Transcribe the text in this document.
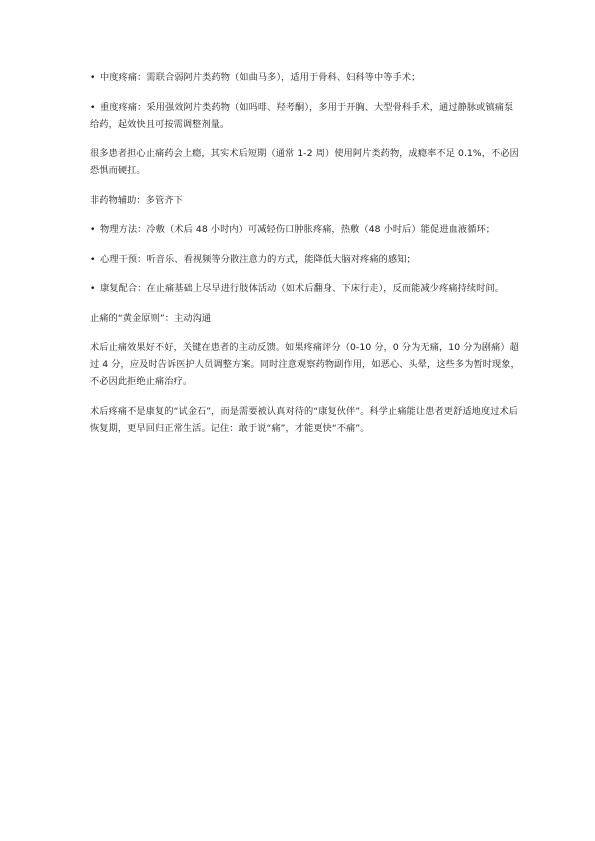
• 中度疼痛：需联合弱阿片类药物（如曲马多），适用于骨科、妇科等中等手术；

• 重度疼痛：采用强效阿片类药物（如吗啡、羟考酮），多用于开胸、大型骨科手术，通过静脉或镇痛泵给药，起效快且可按需调整剂量。

很多患者担心止痛药会上瘾，其实术后短期（通常 1-2 周）使用阿片类药物，成瘾率不足 0.1%，不必因恐惧而硬扛。

非药物辅助：多管齐下

• 物理方法：冷敷（术后 48 小时内）可减轻伤口肿胀疼痛，热敷（48 小时后）能促进血液循环；

• 心理干预：听音乐、看视频等分散注意力的方式，能降低大脑对疼痛的感知；

• 康复配合：在止痛基础上尽早进行肢体活动（如术后翻身、下床行走），反而能减少疼痛持续时间。

止痛的“黄金原则”：主动沟通

术后止痛效果好不好，关键在患者的主动反馈。如果疼痛评分（0-10 分，0 分为无痛，10 分为剧痛）超过 4 分，应及时告诉医护人员调整方案。同时注意观察药物副作用，如恶心、头晕，这些多为暂时现象，不必因此拒绝止痛治疗。

术后疼痛不是康复的“试金石”，而是需要被认真对待的“康复伙伴”。科学止痛能让患者更舒适地度过术后恢复期，更早回归正常生活。记住：敢于说“痛”，才能更快“不痛”。
